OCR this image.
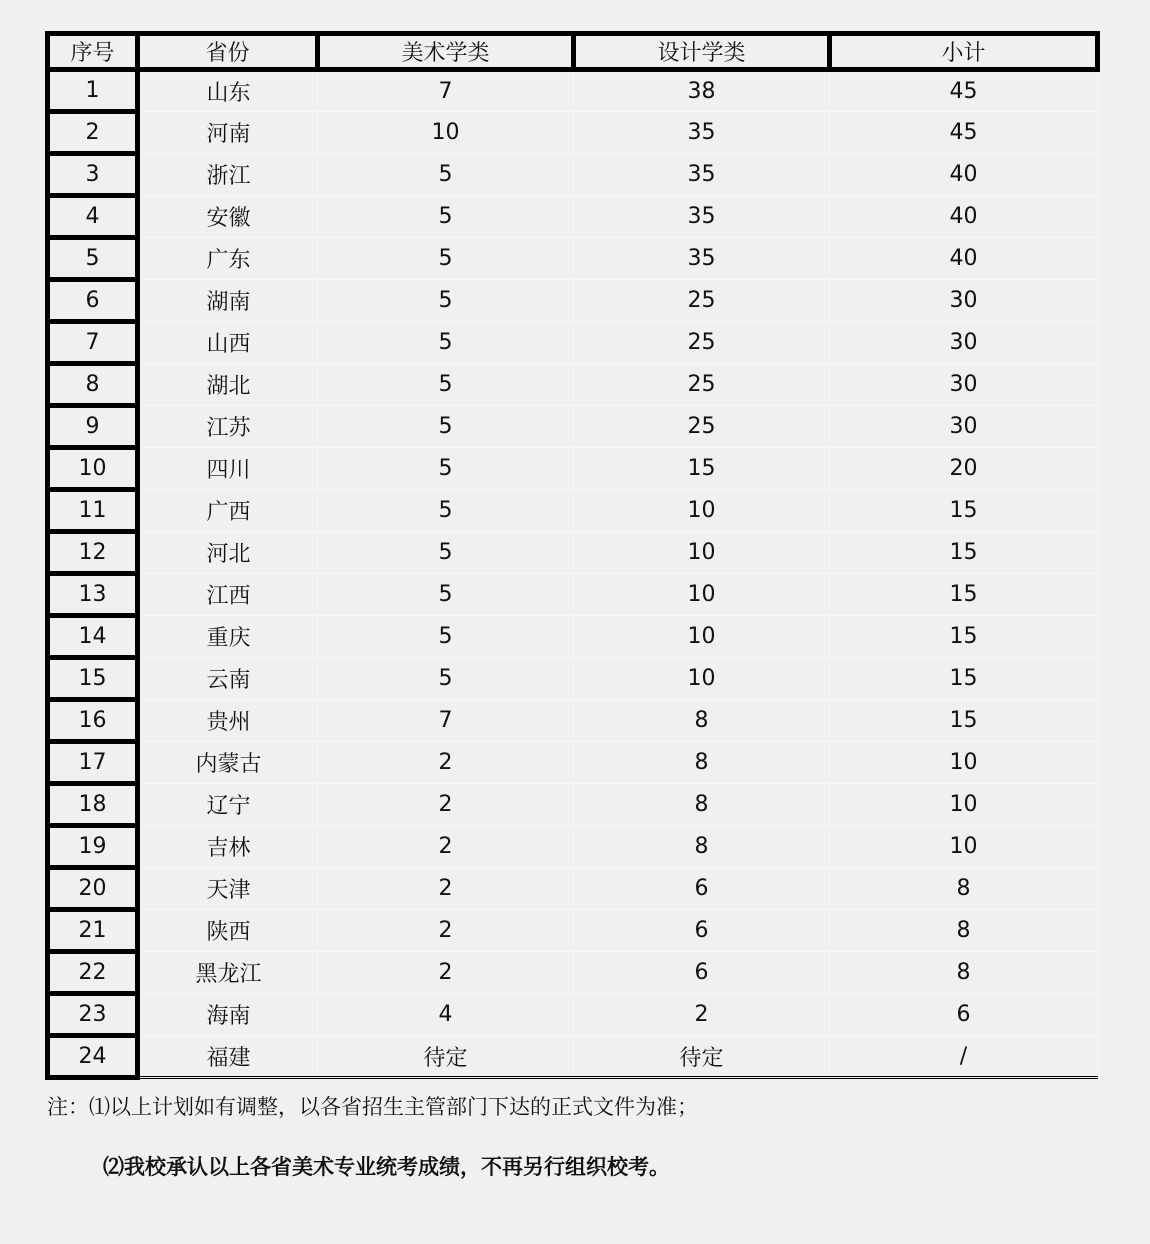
序号	省份	美术学类	设计学类	小计
1	山东	7	38	45
2	河南	10	35	45
3	浙江	5	35	40
4	安徽	5	35	40
5	广东	5	35	40
6	湖南	5	25	30
7	山西	5	25	30
8	湖北	5	25	30
9	江苏	5	25	30
10	四川	5	15	20
11	广西	5	10	15
12	河北	5	10	15
13	江西	5	10	15
14	重庆	5	10	15
15	云南	5	10	15
16	贵州	7	8	15
17	内蒙古	2	8	10
18	辽宁	2	8	10
19	吉林	2	8	10
20	天津	2	6	8
21	陕西	2	6	8
22	黑龙江	2	6	8
23	海南	4	2	6
24	福建	待定	待定	/
注：⑴以上计划如有调整，以各省招生主管部门下达的正式文件为准；
⑵我校承认以上各省美术专业统考成绩，不再另行组织校考。
